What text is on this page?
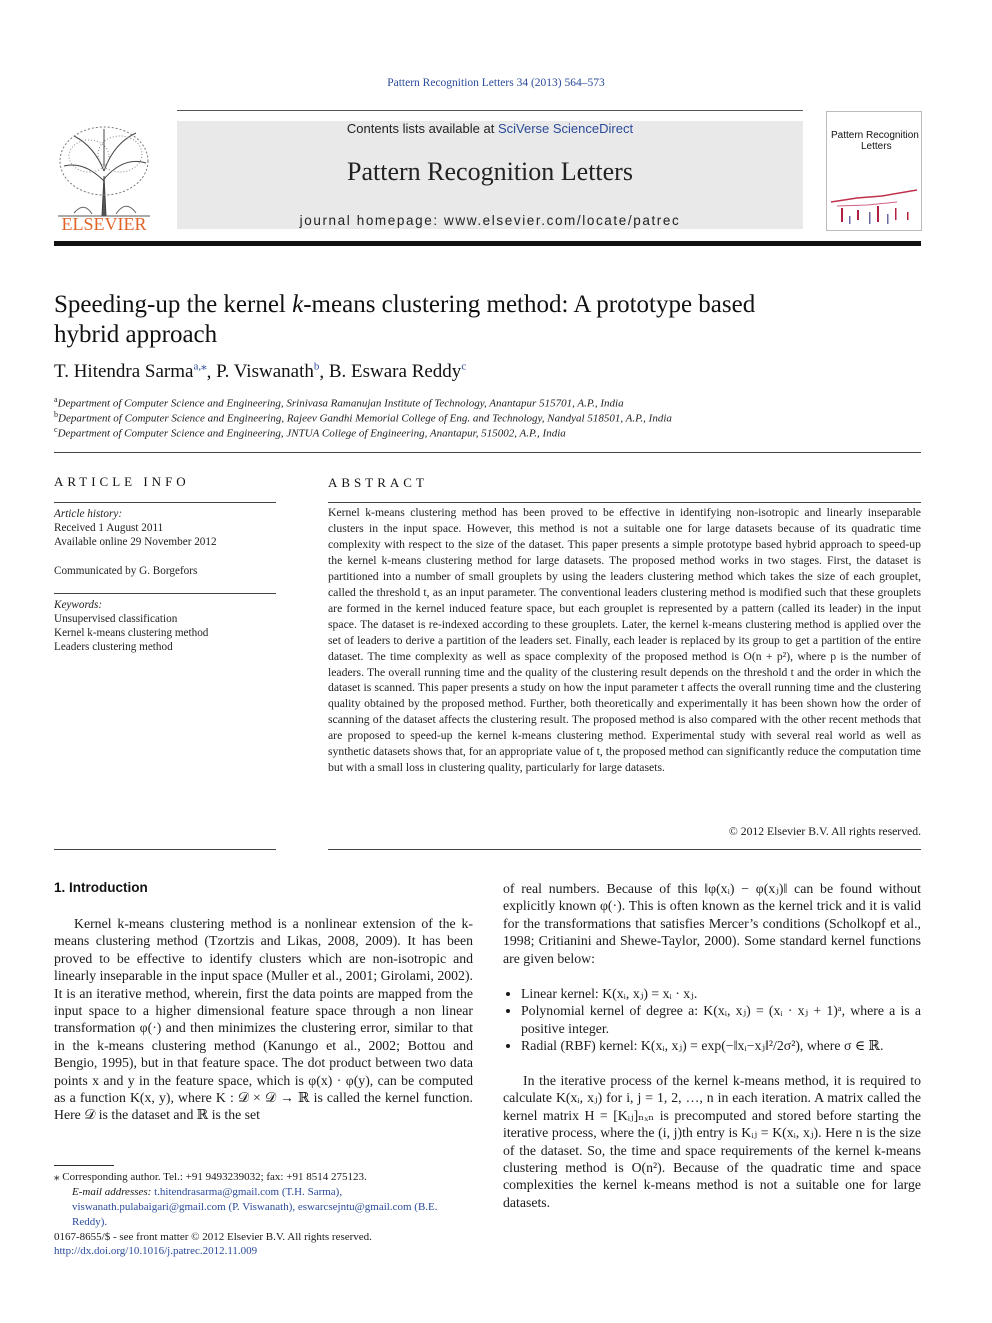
Pattern Recognition Letters 34 (2013) 564–573
ELSEVIER
Contents lists available at SciVerse ScienceDirect
Pattern Recognition Letters
journal homepage: www.elsevier.com/locate/patrec
Pattern Recognition
Letters
Speeding-up the kernel k-means clustering method: A prototype based
hybrid approach
T. Hitendra Sarma$^{a,⁎}$, P. Viswanath$^b$, B. Eswara Reddy$^c$
$^a$Department of Computer Science and Engineering, Srinivasa Ramanujan Institute of Technology, Anantapur 515701, A.P., India
$^b$Department of Computer Science and Engineering, Rajeev Gandhi Memorial College of Eng. and Technology, Nandyal 518501, A.P., India
$^c$Department of Computer Science and Engineering, JNTUA College of Engineering, Anantapur, 515002, A.P., India
ARTICLE INFO
Article history:
Received 1 August 2011
Available online 29 November 2012
Communicated by G. Borgefors
Keywords:
Unsupervised classification
Kernel k-means clustering method
Leaders clustering method
ABSTRACT
Kernel k-means clustering method has been proved to be effective in identifying non-isotropic and linearly inseparable clusters in the input space. However, this method is not a suitable one for large datasets because of its quadratic time complexity with respect to the size of the dataset. This paper presents a simple prototype based hybrid approach to speed-up the kernel k-means clustering method for large datasets. The proposed method works in two stages. First, the dataset is partitioned into a number of small grouplets by using the leaders clustering method which takes the size of each grouplet, called the threshold t, as an input parameter. The conventional leaders clustering method is modified such that these grouplets are formed in the kernel induced feature space, but each grouplet is represented by a pattern (called its leader) in the input space. The dataset is re-indexed according to these grouplets. Later, the kernel k-means clustering method is applied over the set of leaders to derive a partition of the leaders set. Finally, each leader is replaced by its group to get a partition of the entire dataset. The time complexity as well as space complexity of the proposed method is O(n + p²), where p is the number of leaders. The overall running time and the quality of the clustering result depends on the threshold t and the order in which the dataset is scanned. This paper presents a study on how the input parameter t affects the overall running time and the clustering quality obtained by the proposed method. Further, both theoretically and experimentally it has been shown how the order of scanning of the dataset affects the clustering result. The proposed method is also compared with the other recent methods that are proposed to speed-up the kernel k-means clustering method. Experimental study with several real world as well as synthetic datasets shows that, for an appropriate value of t, the proposed method can significantly reduce the computation time but with a small loss in clustering quality, particularly for large datasets.
© 2012 Elsevier B.V. All rights reserved.
1. Introduction
Kernel k-means clustering method is a nonlinear extension of the k-means clustering method (Tzortzis and Likas, 2008, 2009). It has been proved to be effective to identify clusters which are non-isotropic and linearly inseparable in the input space (Muller et al., 2001; Girolami, 2002). It is an iterative method, wherein, first the data points are mapped from the input space to a higher dimensional feature space through a non linear transformation φ(·) and then minimizes the clustering error, similar to that in the k-means clustering method (Kanungo et al., 2002; Bottou and Bengio, 1995), but in that feature space. The dot product between two data points x and y in the feature space, which is φ(x) · φ(y), can be computed as a function K(x, y), where K : 𝒟 × 𝒟 → ℝ is called the kernel function. Here 𝒟 is the dataset and ℝ is the set
of real numbers. Because of this ‖φ(xᵢ) − φ(xⱼ)‖ can be found without explicitly known φ(·). This is often known as the kernel trick and it is valid for the transformations that satisfies Mercer’s conditions (Scholkopf et al., 1998; Critianini and Shewe-Taylor, 2000). Some standard kernel functions are given below:
• Linear kernel: K(xᵢ, xⱼ) = xᵢ · xⱼ.
• Polynomial kernel of degree a: K(xᵢ, xⱼ) = (xᵢ · xⱼ + 1)ᵃ, where a is a positive integer.
• Radial (RBF) kernel: K(xᵢ, xⱼ) = exp(−‖xᵢ−xⱼ‖²/2σ²), where σ ∈ ℝ.
In the iterative process of the kernel k-means method, it is required to calculate K(xᵢ, xⱼ) for i, j = 1, 2, …, n in each iteration. A matrix called the kernel matrix H = [Kᵢⱼ]ₙₓₙ is precomputed and stored before starting the iterative process, where the (i, j)th entry is Kᵢⱼ = K(xᵢ, xⱼ). Here n is the size of the dataset. So, the time and space requirements of the kernel k-means clustering method is O(n²). Because of the quadratic time and space complexities the kernel k-means method is not a suitable one for large datasets.
⁎ Corresponding author. Tel.: +91 9493239032; fax: +91 8514 275123.
E-mail addresses: t.hitendrasarma@gmail.com (T.H. Sarma), viswanath.pulabaigari@gmail.com (P. Viswanath), eswarcsejntu@gmail.com (B.E. Reddy).
0167-8655/$ - see front matter © 2012 Elsevier B.V. All rights reserved.
http://dx.doi.org/10.1016/j.patrec.2012.11.009
